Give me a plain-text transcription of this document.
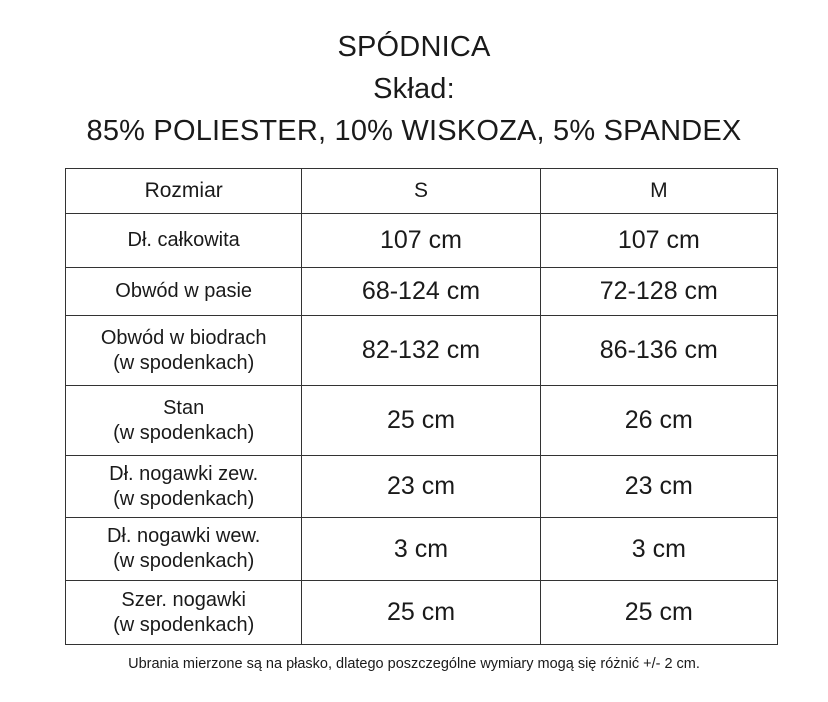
SPÓDNICA
Skład:
85% POLIESTER, 10% WISKOZA, 5% SPANDEX
Rozmiar	S	M

Dł. całkowita	107 cm	107 cm

Obwód w pasie	68-124 cm	72-128 cm

Obwód w biodrach
(w spodenkach)	82-132 cm	86-136 cm

Stan
(w spodenkach)	25 cm	26 cm

Dł. nogawki zew.
(w spodenkach)	23 cm	23 cm

Dł. nogawki wew.
(w spodenkach)	3 cm	3 cm

Szer. nogawki
(w spodenkach)	25 cm	25 cm
Ubrania mierzone są na płasko, dlatego poszczególne wymiary mogą się różnić +/- 2 cm.
